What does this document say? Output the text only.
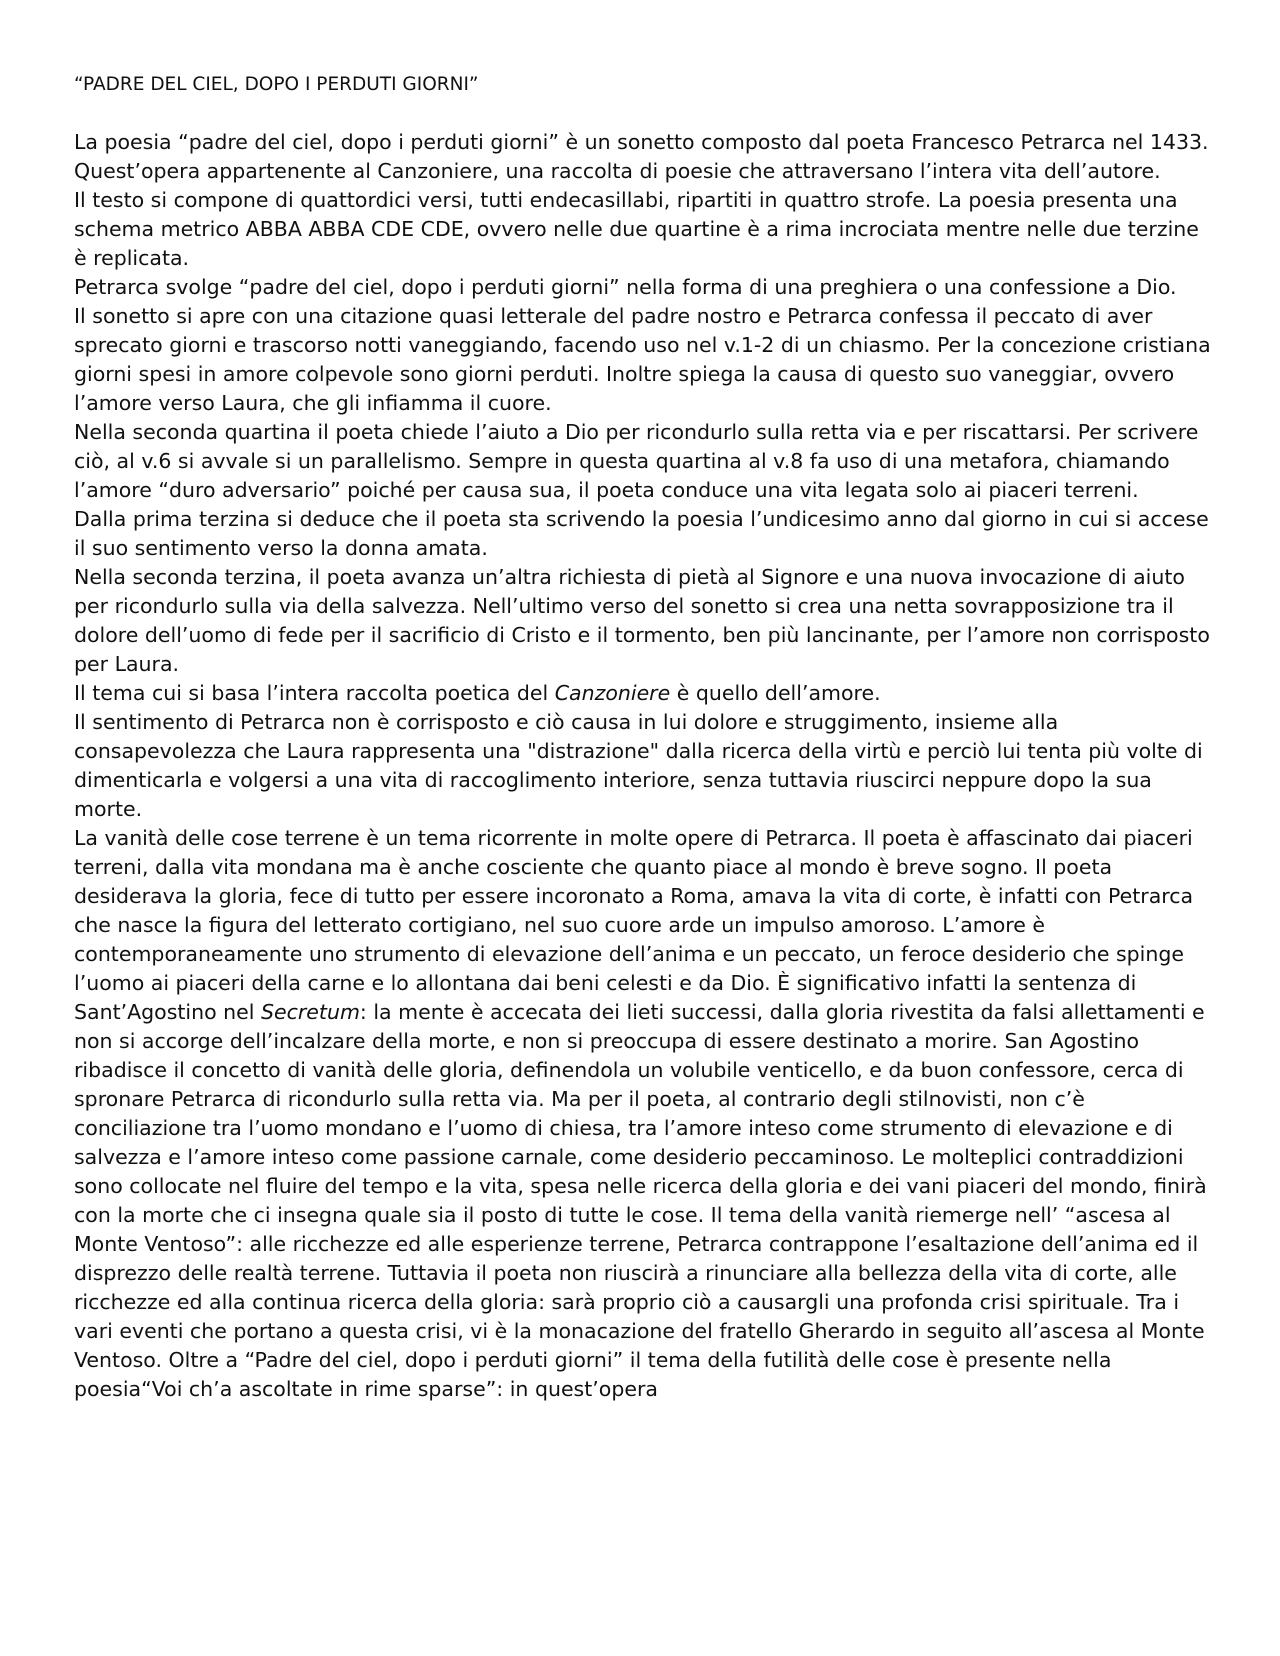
“PADRE DEL CIEL, DOPO I PERDUTI GIORNI”

La poesia “padre del ciel, dopo i perduti giorni” è un sonetto composto dal poeta Francesco Petrarca nel 1433. Quest’opera appartenente al Canzoniere, una raccolta di poesie che attraversano l’intera vita dell’autore.

Il testo si compone di quattordici versi, tutti endecasillabi, ripartiti in quattro strofe. La poesia presenta una schema metrico ABBA ABBA CDE CDE, ovvero nelle due quartine è a rima incrociata mentre nelle due terzine è replicata.

Petrarca svolge “padre del ciel, dopo i perduti giorni” nella forma di una preghiera o una confessione a Dio.

Il sonetto si apre con una citazione quasi letterale del padre nostro e Petrarca confessa il peccato di aver sprecato giorni e trascorso notti vaneggiando, facendo uso nel v.1-2 di un chiasmo. Per la concezione cristiana giorni spesi in amore colpevole sono giorni perduti. Inoltre spiega la causa di questo suo vaneggiar, ovvero l’amore verso Laura, che gli infiamma il cuore.

Nella seconda quartina il poeta chiede l’aiuto a Dio per ricondurlo sulla retta via e per riscattarsi. Per scrivere ciò, al v.6 si avvale si un parallelismo. Sempre in questa quartina al v.8 fa uso di una metafora, chiamando l’amore “duro adversario” poiché per causa sua, il poeta conduce una vita legata solo ai piaceri terreni.

Dalla prima terzina si deduce che il poeta sta scrivendo la poesia l’undicesimo anno dal giorno in cui si accese il suo sentimento verso la donna amata.

Nella seconda terzina, il poeta avanza un’altra richiesta di pietà al Signore e una nuova invocazione di aiuto per ricondurlo sulla via della salvezza. Nell’ultimo verso del sonetto si crea una netta sovrapposizione tra il dolore dell’uomo di fede per il sacrificio di Cristo e il tormento, ben più lancinante, per l’amore non corrisposto per Laura.

Il tema cui si basa l’intera raccolta poetica del Canzoniere è quello dell’amore.

Il sentimento di Petrarca non è corrisposto e ciò causa in lui dolore e struggimento, insieme alla consapevolezza che Laura rappresenta una "distrazione" dalla ricerca della virtù e perciò lui tenta più volte di dimenticarla e volgersi a una vita di raccoglimento interiore, senza tuttavia riuscirci neppure dopo la sua morte.

La vanità delle cose terrene è un tema ricorrente in molte opere di Petrarca. Il poeta è affascinato dai piaceri terreni, dalla vita mondana ma è anche cosciente che quanto piace al mondo è breve sogno. Il poeta desiderava la gloria, fece di tutto per essere incoronato a Roma, amava la vita di corte, è infatti con Petrarca che nasce la figura del letterato cortigiano, nel suo cuore arde un impulso amoroso. L’amore è contemporaneamente uno strumento di elevazione dell’anima e un peccato, un feroce desiderio che spinge l’uomo ai piaceri della carne e lo allontana dai beni celesti e da Dio. È significativo infatti la sentenza di Sant’Agostino nel Secretum: la mente è accecata dei lieti successi, dalla gloria rivestita da falsi allettamenti e non si accorge dell’incalzare della morte, e non si preoccupa di essere destinato a morire. San Agostino ribadisce il concetto di vanità delle gloria, definendola un volubile venticello, e da buon confessore, cerca di spronare Petrarca di ricondurlo sulla retta via. Ma per il poeta, al contrario degli stilnovisti, non c’è conciliazione tra l’uomo mondano e l’uomo di chiesa, tra l’amore inteso come strumento di elevazione e di salvezza e l’amore inteso come passione carnale, come desiderio peccaminoso. Le molteplici contraddizioni sono collocate nel fluire del tempo e la vita, spesa nelle ricerca della gloria e dei vani piaceri del mondo, finirà con la morte che ci insegna quale sia il posto di tutte le cose. Il tema della vanità riemerge nell’ “ascesa al Monte Ventoso”: alle ricchezze ed alle esperienze terrene, Petrarca contrappone l’esaltazione dell’anima ed il disprezzo delle realtà terrene. Tuttavia il poeta non riuscirà a rinunciare alla bellezza della vita di corte, alle ricchezze ed alla continua ricerca della gloria: sarà proprio ciò a causargli una profonda crisi spirituale. Tra i vari eventi che portano a questa crisi, vi è la monacazione del fratello Gherardo in seguito all’ascesa al Monte Ventoso. Oltre a “Padre del ciel, dopo i perduti giorni” il tema della futilità delle cose è presente nella poesia“Voi ch’a ascoltate in rime sparse”: in quest’opera
